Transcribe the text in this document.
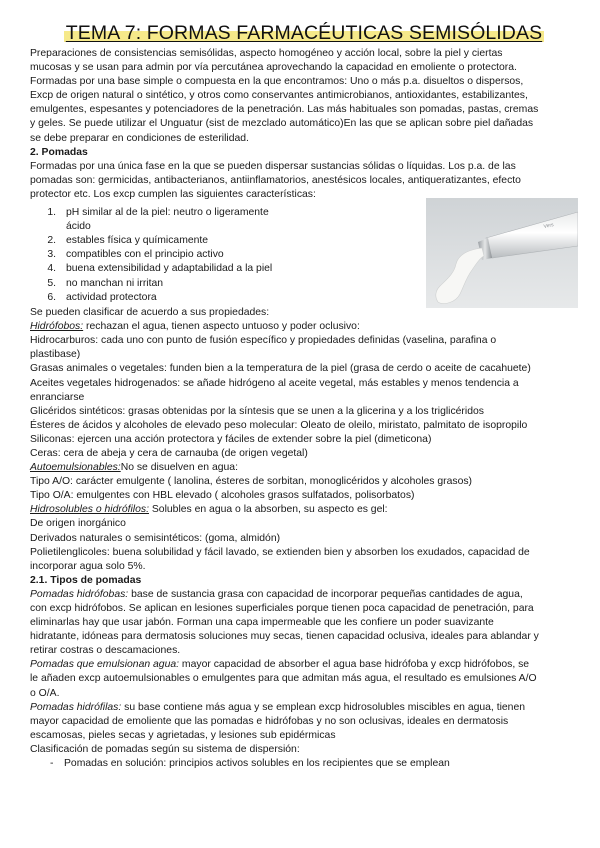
TEMA 7: FORMAS FARMACÉUTICAS SEMISÓLIDAS

Preparaciones de consistencias semisólidas, aspecto homogéneo y acción local, sobre la piel y ciertas

mucosas y se usan para admin por vía percutánea aprovechando la capacidad en emoliente o protectora.

Formadas por una base simple o compuesta en la que encontramos: Uno o más p.a. disueltos o dispersos,

Excp de origen natural o sintético, y otros como conservantes antimicrobianos, antioxidantes, estabilizantes,

emulgentes, espesantes y potenciadores de la penetración. Las más habituales son pomadas, pastas, cremas

y geles. Se puede utilizar el Unguatur (sist de mezclado automático)En las que se aplican sobre piel dañadas

se debe preparar en condiciones de esterilidad.

2. Pomadas

Formadas por una única fase en la que se pueden dispersar sustancias sólidas o líquidas. Los p.a. de las

pomadas son: germicidas, antibacterianos, antiinflamatorios, anestésicos locales, antiqueratizantes, efecto

protector etc. Los excp cumplen las siguientes características:

1. pH similar al de la piel: neutro o ligeramente
ácido
2. estables física y químicamente
3. compatibles con el principio activo
4. buena extensibilidad y adaptabilidad a la piel
5. no manchan ni irritan
6. actividad protectora
Vers

Se pueden clasificar de acuerdo a sus propiedades:

Hidrófobos: rechazan el agua, tienen aspecto untuoso y poder oclusivo:

Hidrocarburos: cada uno con punto de fusión específico y propiedades definidas (vaselina, parafina o

plastibase)

Grasas animales o vegetales: funden bien a la temperatura de la piel (grasa de cerdo o aceite de cacahuete)

Aceites vegetales hidrogenados: se añade hidrógeno al aceite vegetal, más estables y menos tendencia a

enranciarse

Glicéridos sintéticos: grasas obtenidas por la síntesis que se unen a la glicerina y a los triglicéridos

Ésteres de ácidos y alcoholes de elevado peso molecular: Oleato de oleilo, miristato, palmitato de isopropilo

Siliconas: ejercen una acción protectora y fáciles de extender sobre la piel (dimeticona)

Ceras: cera de abeja y cera de carnauba (de origen vegetal)

Autoemulsionables:No se disuelven en agua:

Tipo A/O: carácter emulgente ( lanolina, ésteres de sorbitan, monoglicéridos y alcoholes grasos)

Tipo O/A: emulgentes con HBL elevado ( alcoholes grasos sulfatados, polisorbatos)

Hidrosolubles o hidrófilos: Solubles en agua o la absorben, su aspecto es gel:

De origen inorgánico

Derivados naturales o semisintéticos: (goma, almidón)

Polietilenglicoles: buena solubilidad y fácil lavado, se extienden bien y absorben los exudados, capacidad de

incorporar agua solo 5%.

2.1. Tipos de pomadas

Pomadas hidrófobas: base de sustancia grasa con capacidad de incorporar pequeñas cantidades de agua,

con excp hidrófobos. Se aplican en lesiones superficiales porque tienen poca capacidad de penetración, para

eliminarlas hay que usar jabón. Forman una capa impermeable que les confiere un poder suavizante

hidratante, idóneas para dermatosis soluciones muy secas, tienen capacidad oclusiva, ideales para ablandar y

retirar costras o descamaciones.

Pomadas que emulsionan agua: mayor capacidad de absorber el agua base hidrófoba y excp hidrófobos, se

le añaden excp autoemulsionables o emulgentes para que admitan más agua, el resultado es emulsiones A/O

o O/A.

Pomadas hidrófilas: su base contiene más agua y se emplean excp hidrosolubles miscibles en agua, tienen

mayor capacidad de emoliente que las pomadas e hidrófobas y no son oclusivas, ideales en dermatosis

escamosas, pieles secas y agrietadas, y lesiones sub epidérmicas

Clasificación de pomadas según su sistema de dispersión:

-	Pomadas en solución: principios activos solubles en los recipientes que se emplean
